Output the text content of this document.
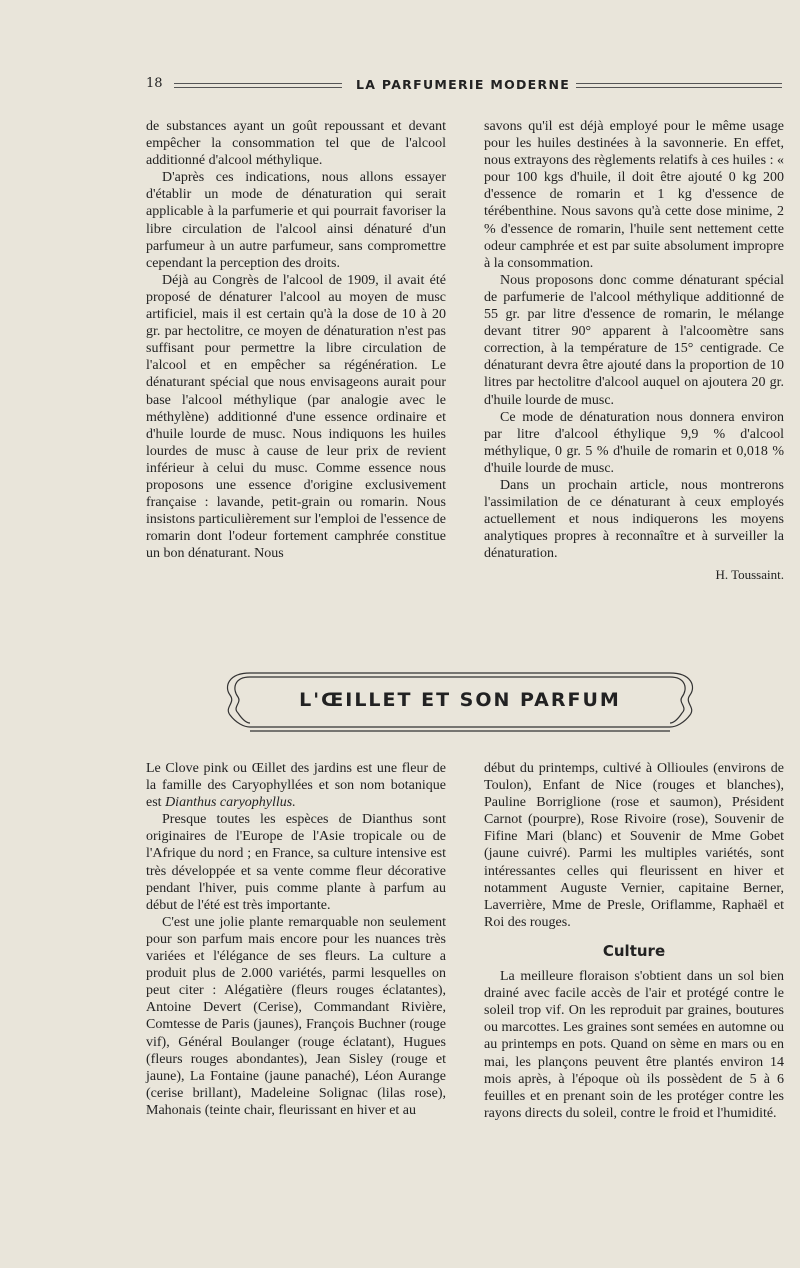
18	LA PARFUMERIE MODERNE

de substances ayant un goût repoussant et devant empêcher la consommation tel que de l'alcool additionné d'alcool méthylique.

D'après ces indications, nous allons essayer d'établir un mode de dénaturation qui serait applicable à la parfumerie et qui pourrait favoriser la libre circulation de l'alcool ainsi dénaturé d'un parfumeur à un autre parfumeur, sans compromettre cependant la perception des droits.

Déjà au Congrès de l'alcool de 1909, il avait été proposé de dénaturer l'alcool au moyen de musc artificiel, mais il est certain qu'à la dose de 10 à 20 gr. par hectolitre, ce moyen de dénaturation n'est pas suffisant pour permettre la libre circulation de l'alcool et en empêcher sa régénération. Le dénaturant spécial que nous envisageons aurait pour base l'alcool méthylique (par analogie avec le méthylène) additionné d'une essence ordinaire et d'huile lourde de musc. Nous indiquons les huiles lourdes de musc à cause de leur prix de revient inférieur à celui du musc. Comme essence nous proposons une essence d'origine exclusivement française : lavande, petit-grain ou romarin. Nous insistons particulièrement sur l'emploi de l'essence de romarin dont l'odeur fortement camphrée constitue un bon dénaturant. Nous

savons qu'il est déjà employé pour le même usage pour les huiles destinées à la savonnerie. En effet, nous extrayons des règlements relatifs à ces huiles : « pour 100 kgs d'huile, il doit être ajouté 0 kg 200 d'essence de romarin et 1 kg d'essence de térébenthine. Nous savons qu'à cette dose minime, 2 % d'essence de romarin, l'huile sent nettement cette odeur camphrée et est par suite absolument impropre à la consommation.

Nous proposons donc comme dénaturant spécial de parfumerie de l'alcool méthylique additionné de 55 gr. par litre d'essence de romarin, le mélange devant titrer 90° apparent à l'alcoomètre sans correction, à la température de 15° centigrade. Ce dénaturant devra être ajouté dans la proportion de 10 litres par hectolitre d'alcool auquel on ajoutera 20 gr. d'huile lourde de musc.

Ce mode de dénaturation nous donnera environ par litre d'alcool éthylique 9,9 % d'alcool méthylique, 0 gr. 5 % d'huile de romarin et 0,018 % d'huile lourde de musc.

Dans un prochain article, nous montrerons l'assimilation de ce dénaturant à ceux employés actuellement et nous indiquerons les moyens analytiques propres à reconnaître et à surveiller la dénaturation.

H. Toussaint.
L'ŒILLET ET SON PARFUM

Le Clove pink ou Œillet des jardins est une fleur de la famille des Caryophyllées et son nom botanique est Dianthus caryophyllus.

Presque toutes les espèces de Dianthus sont originaires de l'Europe de l'Asie tropicale ou de l'Afrique du nord ; en France, sa culture intensive est très développée et sa vente comme fleur décorative pendant l'hiver, puis comme plante à parfum au début de l'été est très importante.

C'est une jolie plante remarquable non seulement pour son parfum mais encore pour les nuances très variées et l'élégance de ses fleurs. La culture a produit plus de 2.000 variétés, parmi lesquelles on peut citer : Alégatière (fleurs rouges éclatantes), Antoine Devert (Cerise), Commandant Rivière, Comtesse de Paris (jaunes), François Buchner (rouge vif), Général Boulanger (rouge éclatant), Hugues (fleurs rouges abondantes), Jean Sisley (rouge et jaune), La Fontaine (jaune panaché), Léon Aurange (cerise brillant), Madeleine Solignac (lilas rose), Mahonais (teinte chair, fleurissant en hiver et au

début du printemps, cultivé à Ollioules (environs de Toulon), Enfant de Nice (rouges et blanches), Pauline Borriglione (rose et saumon), Président Carnot (pourpre), Rose Rivoire (rose), Souvenir de Fifine Mari (blanc) et Souvenir de Mme Gobet (jaune cuivré). Parmi les multiples variétés, sont intéressantes celles qui fleurissent en hiver et notamment Auguste Vernier, capitaine Berner, Laverrière, Mme de Presle, Oriflamme, Raphaël et Roi des rouges.

Culture

La meilleure floraison s'obtient dans un sol bien drainé avec facile accès de l'air et protégé contre le soleil trop vif. On les reproduit par graines, boutures ou marcottes. Les graines sont semées en automne ou au printemps en pots. Quand on sème en mars ou en mai, les plançons peuvent être plantés environ 14 mois après, à l'époque où ils possèdent de 5 à 6 feuilles et en prenant soin de les protéger contre les rayons directs du soleil, contre le froid et l'humidité.
